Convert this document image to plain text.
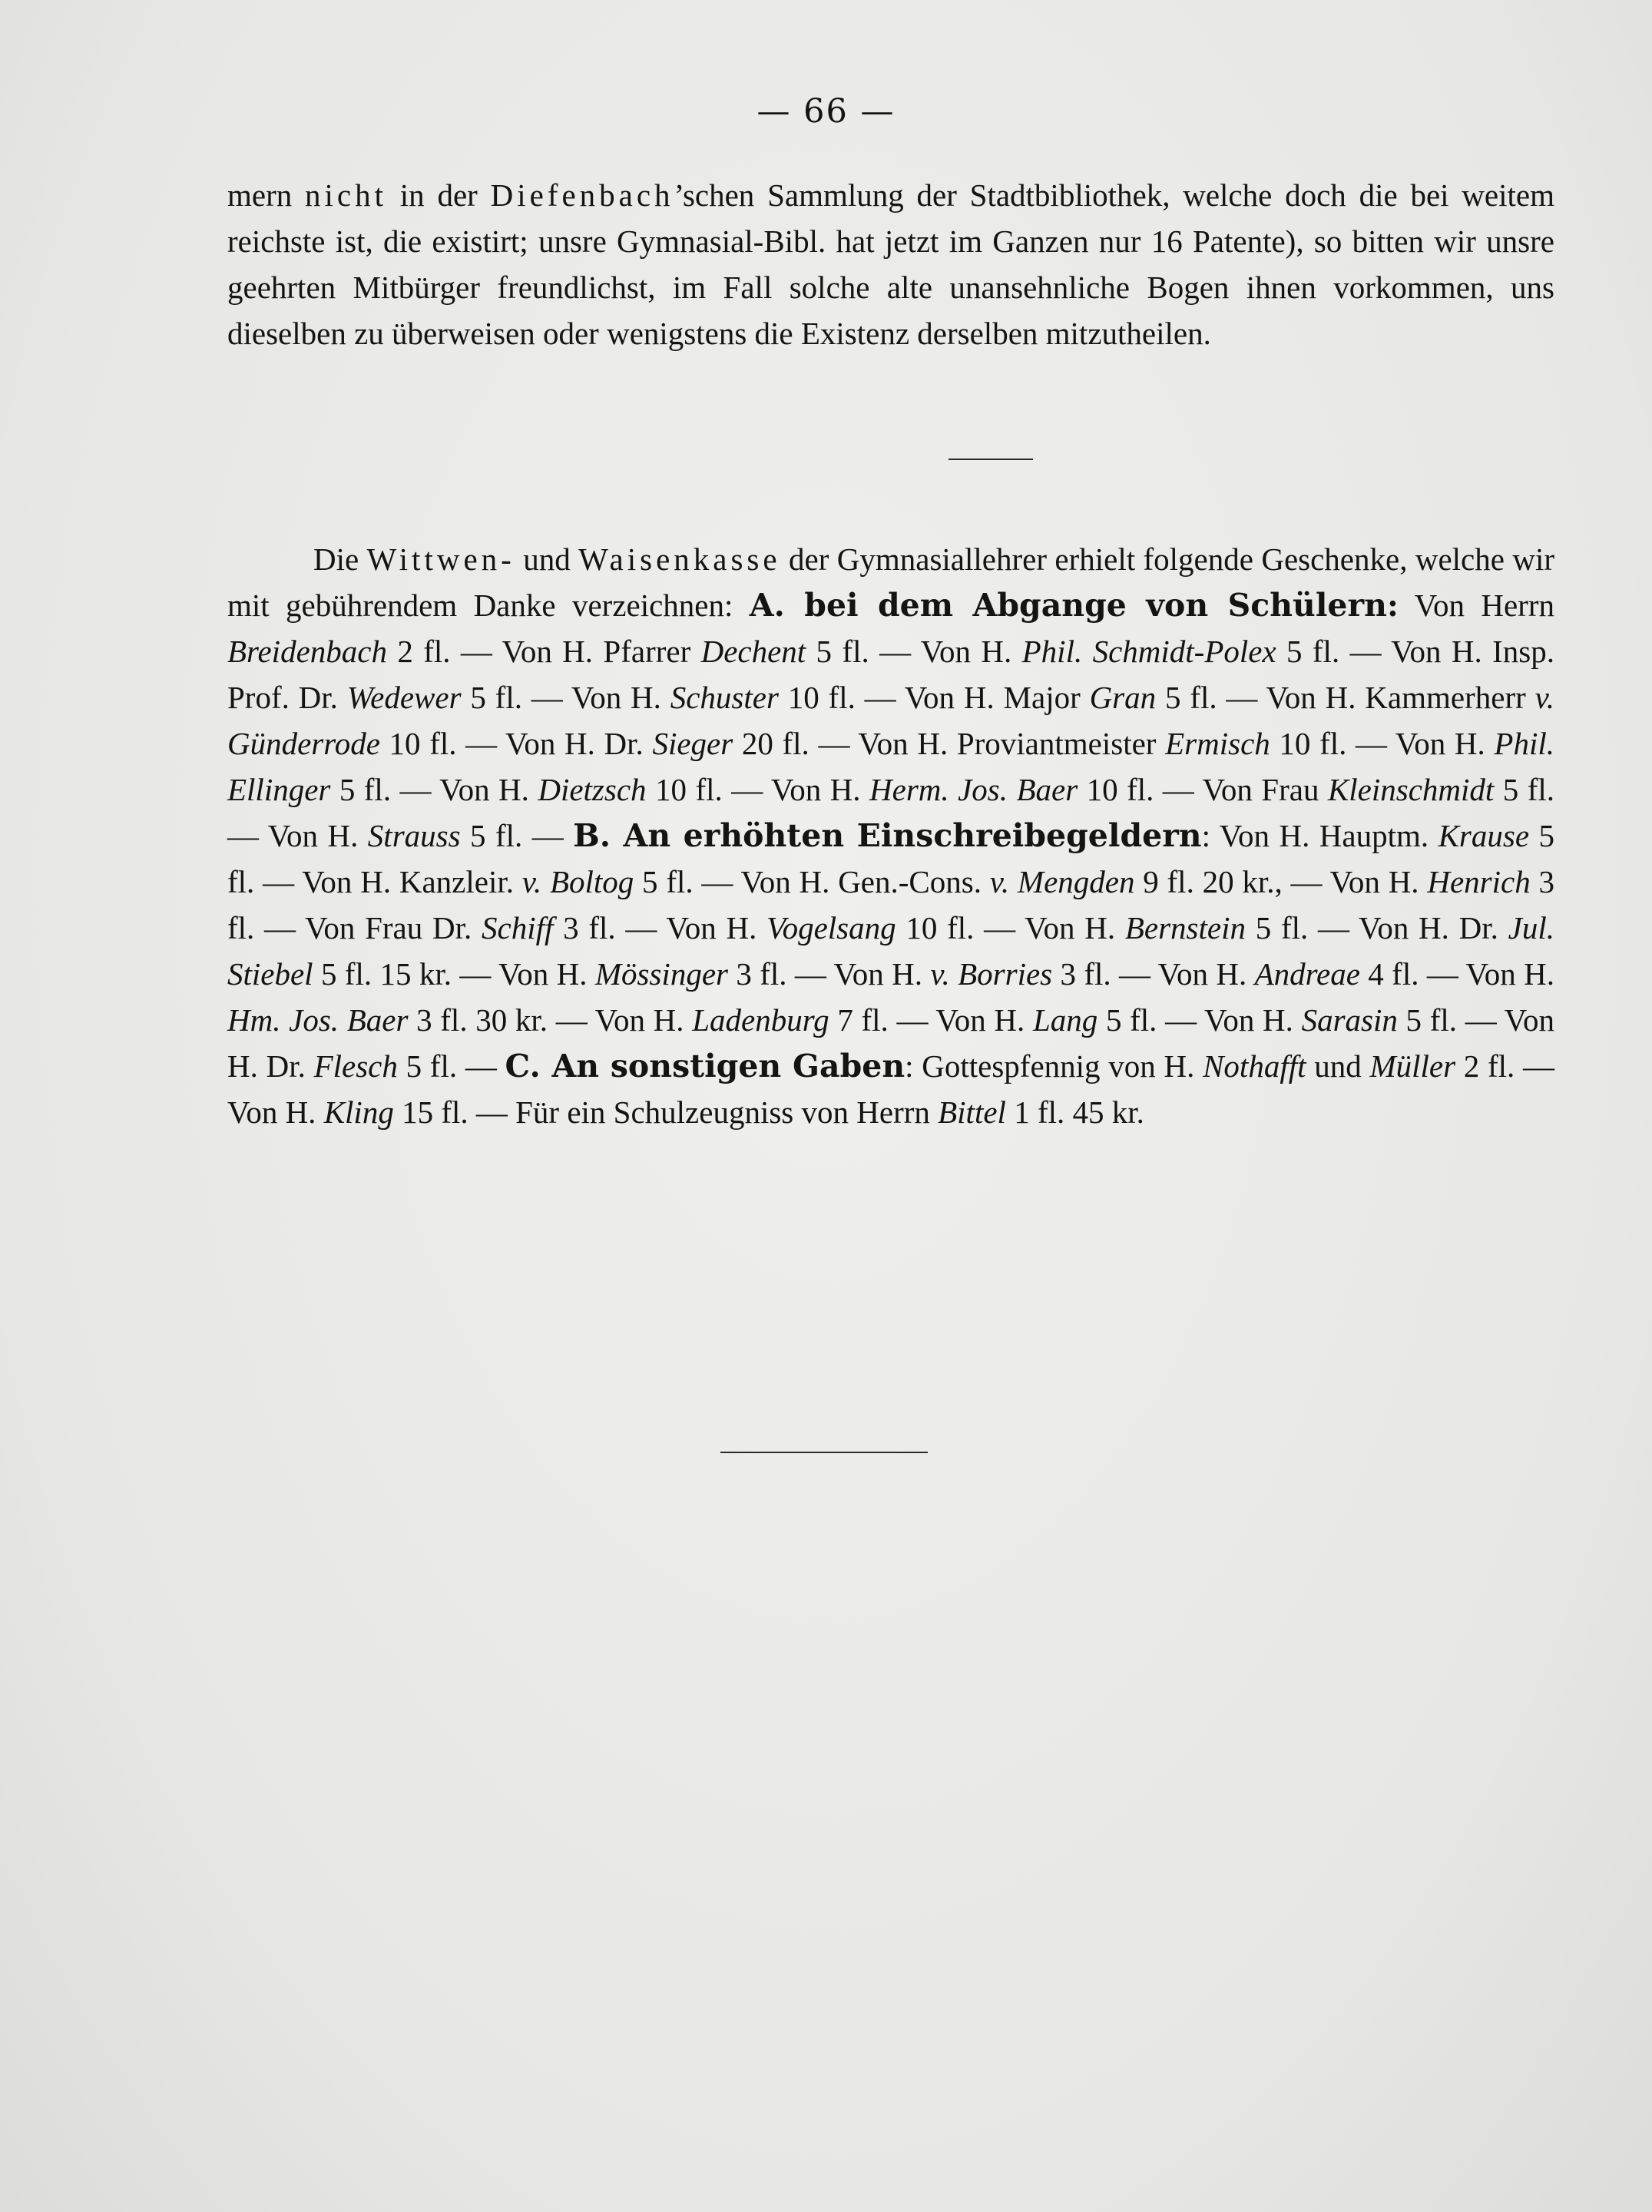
— 66 —

mern nicht in der Diefenbach’schen Sammlung der Stadtbibliothek, welche doch die bei weitem reichste ist, die existirt; unsre Gymnasial-Bibl. hat jetzt im Ganzen nur 16 Patente), so bitten wir unsre geehrten Mitbürger freundlichst, im Fall solche alte unansehnliche Bogen ihnen vorkommen, uns dieselben zu überweisen oder wenigstens die Existenz derselben mitzutheilen.

Die Wittwen- und Waisenkasse der Gymnasiallehrer erhielt folgende Geschenke, welche wir mit gebührendem Danke verzeichnen: A. bei dem Abgange von Schülern: Von Herrn Breidenbach 2 fl. — Von H. Pfarrer Dechent 5 fl. — Von H. Phil. Schmidt-Polex 5 fl. — Von H. Insp. Prof. Dr. Wedewer 5 fl. — Von H. Schuster 10 fl. — Von H. Major Gran 5 fl. — Von H. Kammerherr v. Günderrode 10 fl. — Von H. Dr. Sieger 20 fl. — Von H. Proviantmeister Ermisch 10 fl. — Von H. Phil. Ellinger 5 fl. — Von H. Dietzsch 10 fl. — Von H. Herm. Jos. Baer 10 fl. — Von Frau Kleinschmidt 5 fl. — Von H. Strauss 5 fl. — B. An erhöhten Einschreibegeldern: Von H. Hauptm. Krause 5 fl. — Von H. Kanzleir. v. Boltog 5 fl. — Von H. Gen.-Cons. v. Mengden 9 fl. 20 kr., — Von H. Henrich 3 fl. — Von Frau Dr. Schiff 3 fl. — Von H. Vogelsang 10 fl. — Von H. Bernstein 5 fl. — Von H. Dr. Jul. Stiebel 5 fl. 15 kr. — Von H. Mössinger 3 fl. — Von H. v. Borries 3 fl. — Von H. Andreae 4 fl. — Von H. Hm. Jos. Baer 3 fl. 30 kr. — Von H. Ladenburg 7 fl. — Von H. Lang 5 fl. — Von H. Sarasin 5 fl. — Von H. Dr. Flesch 5 fl. — C. An sonstigen Gaben: Gottespfennig von H. Nothafft und Müller 2 fl. — Von H. Kling 15 fl. — Für ein Schulzeugniss von Herrn Bittel 1 fl. 45 kr.
